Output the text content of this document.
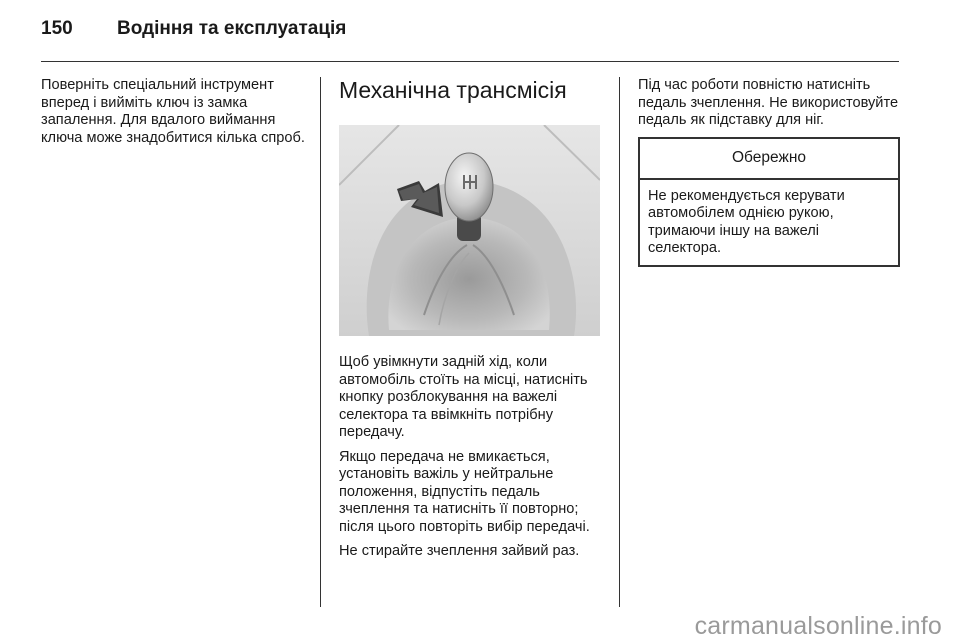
150	Водіння та експлуатація

Поверніть спеціальний інструмент вперед і вийміть ключ із замка запалення. Для вдалого виймання ключа може знадобитися кілька спроб.

Механічна трансмісія

Щоб увімкнути задній хід, коли автомобіль стоїть на місці, натисніть кнопку розблокування на важелі селектора та ввімкніть потрібну передачу.

Якщо передача не вмикається, установіть важіль у нейтральне положення, відпустіть педаль зчеплення та натисніть її повторно; після цього повторіть вибір передачі.

Не стирайте зчеплення зайвий раз.

Під час роботи повністю натисніть педаль зчеплення. Не використовуйте педаль як підставку для ніг.

Обережно

Не рекомендується керувати автомобілем однією рукою, тримаючи іншу на важелі селектора.

carmanualsonline.info
